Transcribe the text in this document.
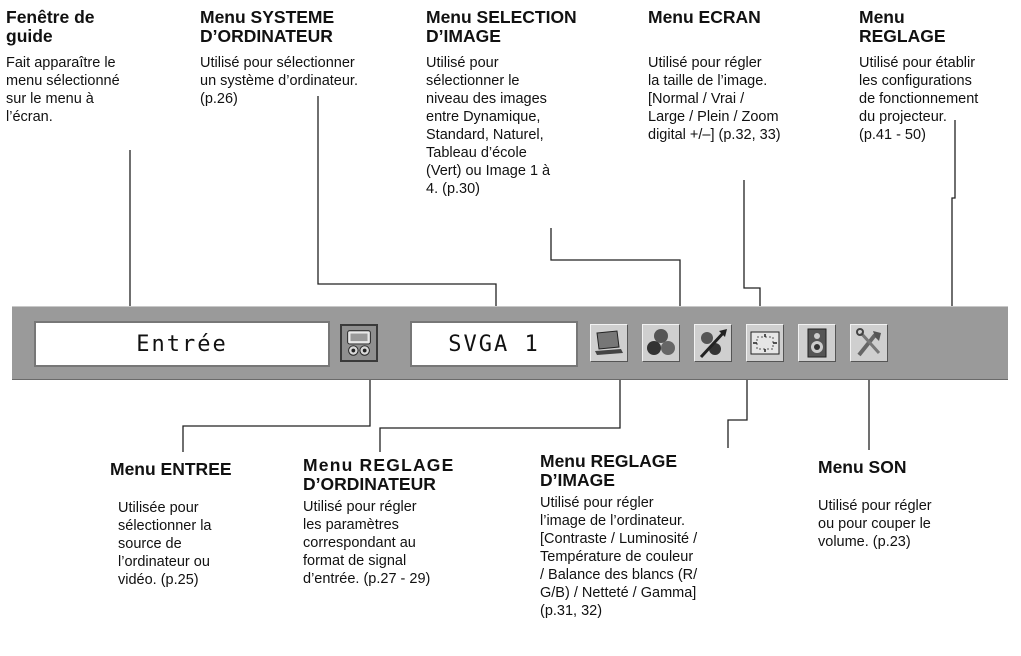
Fenêtre de
guide
Fait apparaître le
menu sélectionné
sur le menu à
l’écran.
Menu SYSTEME
D’ORDINATEUR
Utilisé pour sélectionner
un système d’ordinateur.
(p.26)
Menu SELECTION
D’IMAGE
Utilisé pour
sélectionner le
niveau des images
entre Dynamique,
Standard, Naturel,
Tableau d’école
(Vert) ou Image 1 à
4. (p.30)
Menu ECRAN
Utilisé pour régler
la taille de l’image.
[Normal / Vrai /
Large / Plein / Zoom
digital +/–] (p.32, 33)
Menu
REGLAGE
Utilisé pour établir
les configurations
de fonctionnement
du projecteur.
(p.41 - 50)
Entrée	SVGA 1
Menu ENTREE
Utilisée pour
sélectionner la
source de
l’ordinateur ou
vidéo. (p.25)
Menu REGLAGE
D’ORDINATEUR
Utilisé pour régler
les paramètres
correspondant au
format de signal
d’entrée. (p.27 - 29)
Menu REGLAGE
D’IMAGE
Utilisé pour régler
l’image de l’ordinateur.
[Contraste / Luminosité /
Température de couleur
/ Balance des blancs (R/
G/B) / Netteté / Gamma]
(p.31, 32)
Menu SON
Utilisé pour régler
ou pour couper le
volume. (p.23)
